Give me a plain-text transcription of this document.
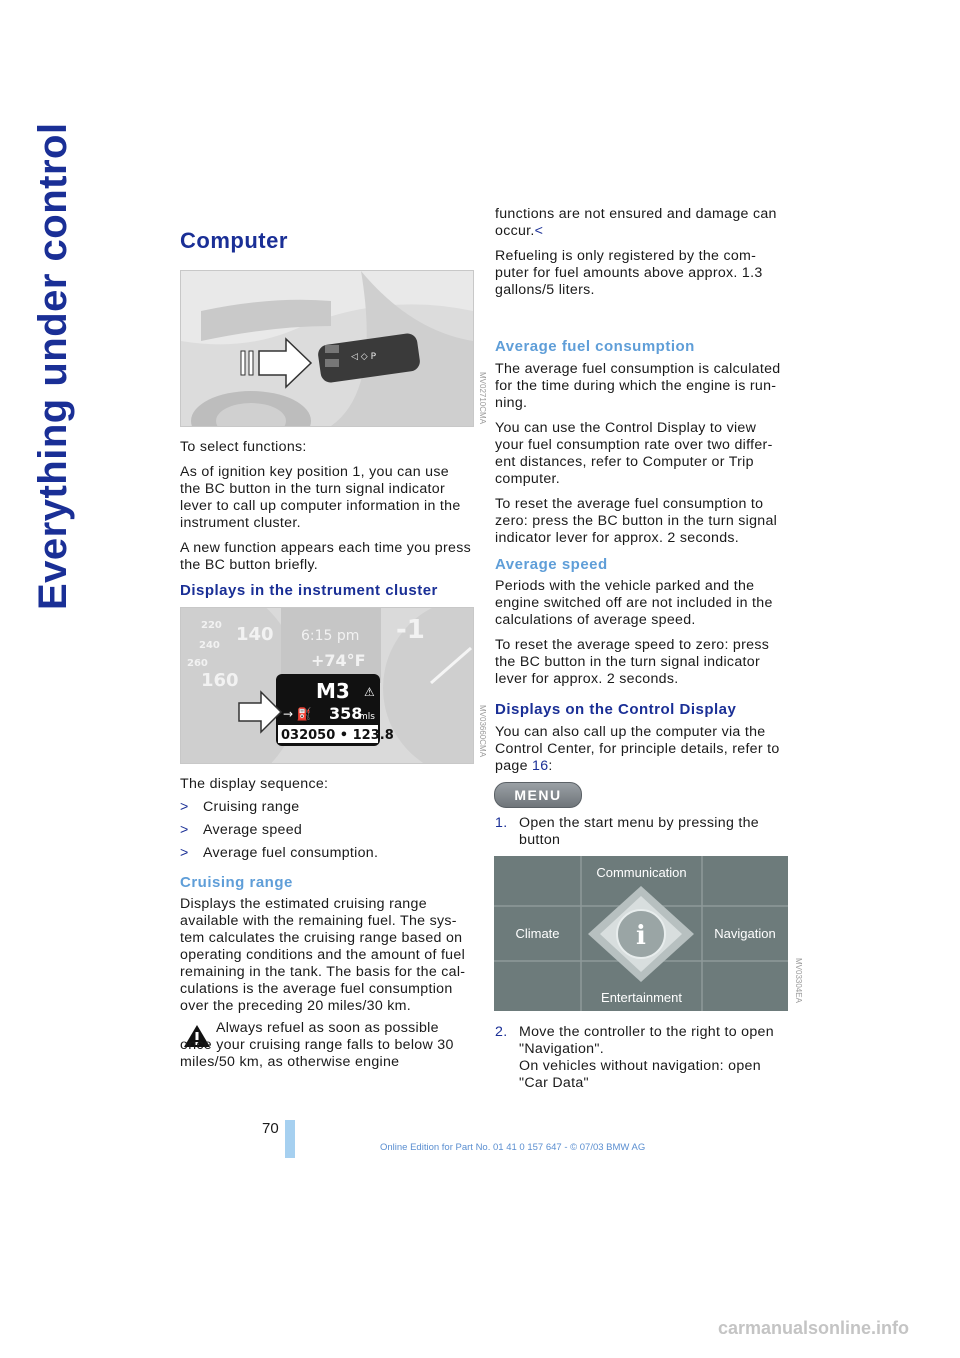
Everything under control	Computer
◁ ◇ P
MV02710CMA

To select functions:

As of ignition key position 1, you can use the BC button in the turn signal indicator lever to call up computer information in the instrument cluster.

A new function appears each time you press the BC button briefly.

Displays in the instrument cluster
220 140
240
260
160
6:15 pm
+74°F
-1
M3 ⚠
→ ⛽ 358
mls
032050 • 123.8	MV03660CMA

The display sequence:

>	Cruising range
>	Average speed
>	Average fuel consumption.
Cruising range

Displays the estimated cruising range available with the remaining fuel. The sys-tem calculates the cruising range based on operating conditions and the amount of fuel remaining in the tank. The basis for the cal-culations is the average fuel consumption over the preceding 20 miles/30 km.

Always refuel as soon as possible once your cruising range falls to below 30 miles/50 km, as otherwise engine

functions are not ensured and damage can occur.<

Refueling is only registered by the com-puter for fuel amounts above approx. 1.3 gallons/5 liters.

Average fuel consumption

The average fuel consumption is calculated for the time during which the engine is run-ning.

You can use the Control Display to view your fuel consumption rate over two differ-ent distances, refer to Computer or Trip computer.

To reset the average fuel consumption to zero: press the BC button in the turn signal indicator lever for approx. 2 seconds.

Average speed

Periods with the vehicle parked and the engine switched off are not included in the calculations of average speed.

To reset the average speed to zero: press the BC button in the turn signal indicator lever for approx. 2 seconds.

Displays on the Control Display

You can also call up the computer via the Control Center, for principle details, refer to page 16:

MENU
1. Open the start menu by pressing the button
i
Communication
Climate	Navigation
Entertainment	MV03304EA
2. Move the controller to the right to open "Navigation".
On vehicles without navigation: open "Car Data"
70
Online Edition for Part No. 01 41 0 157 647 - © 07/03 BMW AG
carmanualsonline.info
